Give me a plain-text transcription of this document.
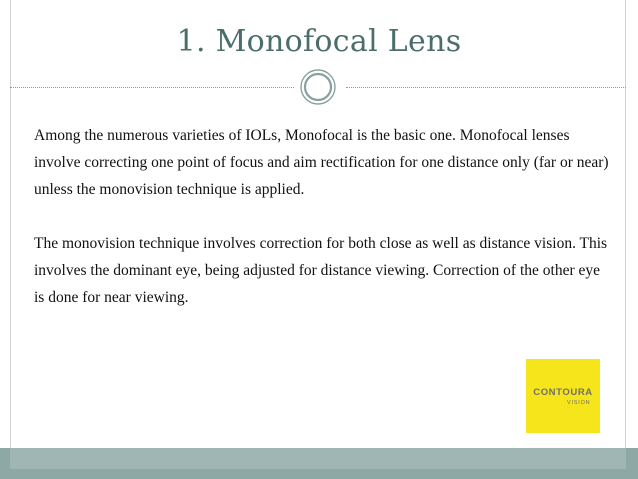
1. Monofocal Lens

Among the numerous varieties of IOLs, Monofocal is the basic one. Monofocal lenses involve correcting one point of focus and aim rectification for one distance only (far or near) unless the monovision technique is applied.

The monovision technique involves correction for both close as well as distance vision. This involves the dominant eye, being adjusted for distance viewing. Correction of the other eye is done for near viewing.

CONTOURA
VISION
